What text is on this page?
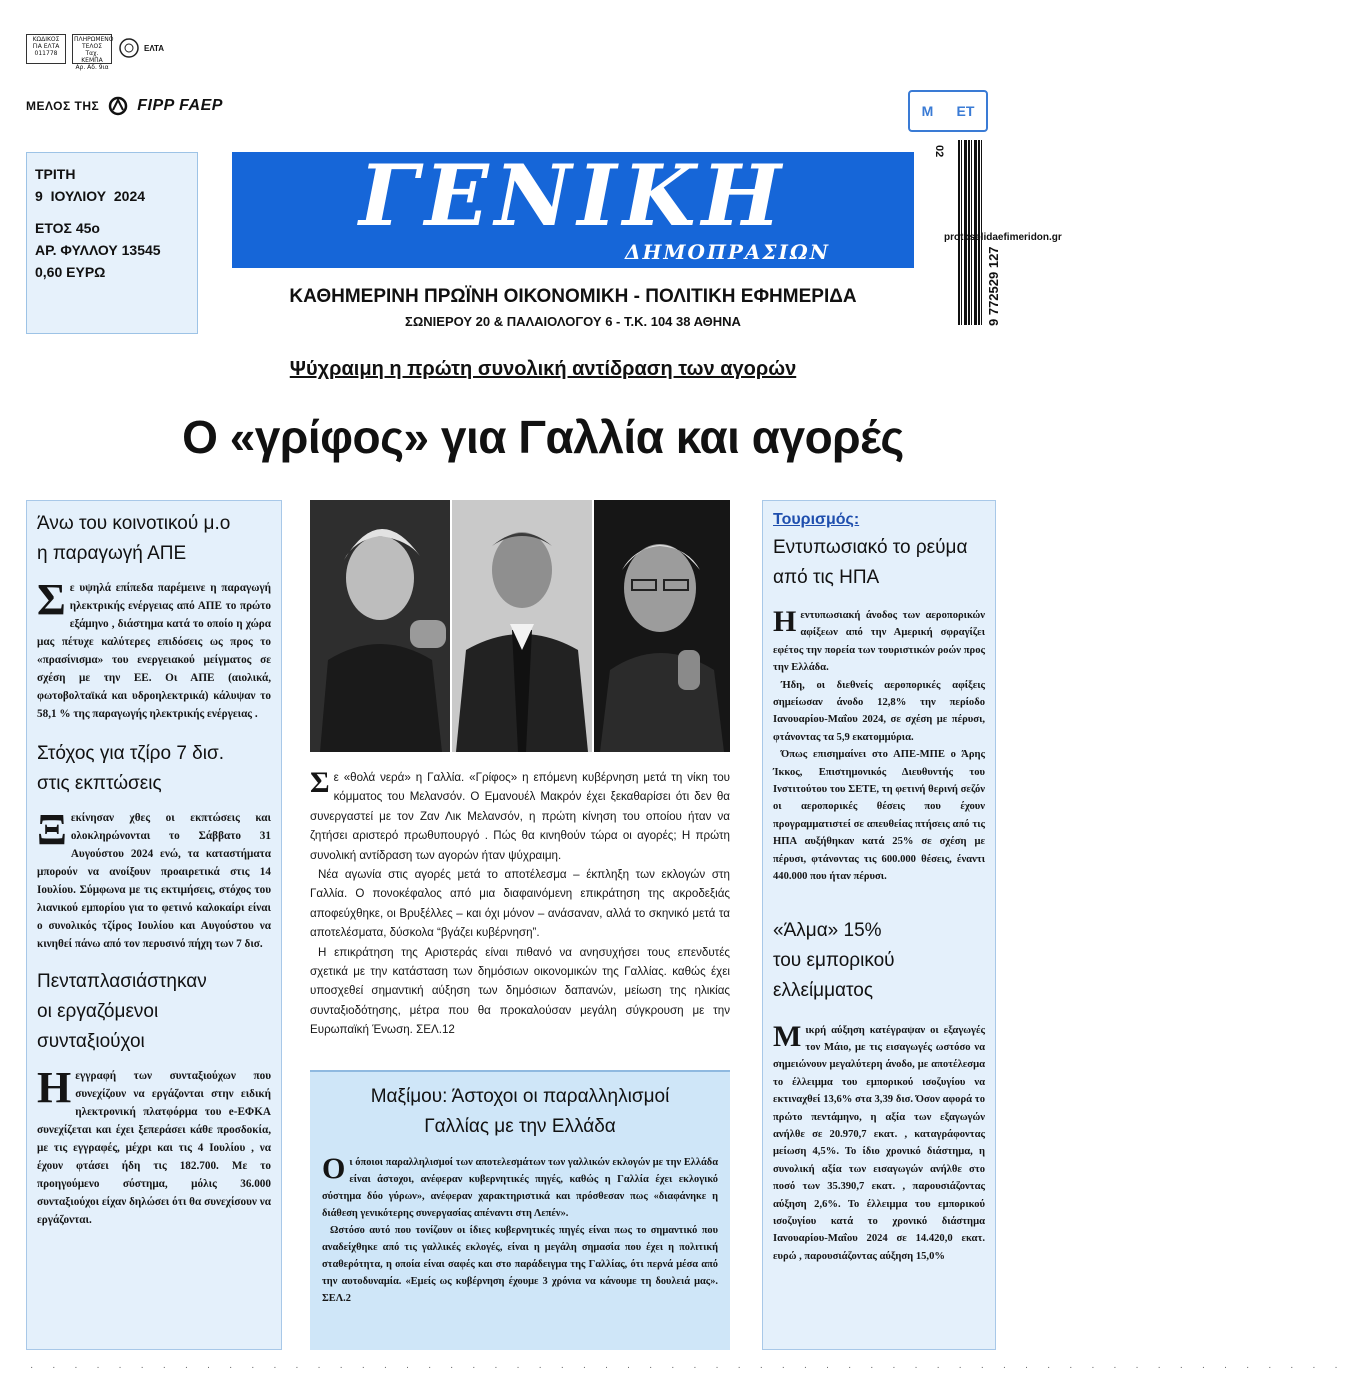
ΚΩΔΙΚΟΣ
ΓΙΑ ΕΛΤΑ
011778
ΠΛΗΡΩΜΕΝΟ
ΤΕΛΟΣ
Ταχ. ΚΕΜΠΑ
Αρ. Αδ. 9ια
ΕΛΤΑ
ΜΕΛΟΣ ΤΗΣ FIPP FAEP
ΤΡΙΤΗ
9  ΙΟΥΛΙΟΥ  2024
ΕΤΟΣ 45ο
ΑΡ. ΦΥΛΛΟΥ 13545
0,60 ΕΥΡΩ
ΓΕΝΙΚΗ
ΔΗΜΟΠΡΑΣΙΩΝ
ΚΑΘΗΜΕΡΙΝΗ ΠΡΩΪΝΗ ΟΙΚΟΝΟΜΙΚΗ - ΠΟΛΙΤΙΚΗ ΕΦΗΜΕΡΙΔΑ
ΣΩΝΙΕΡΟΥ 20 & ΠΑΛΑΙΟΛΟΓΟΥ 6 - Τ.Κ. 104 38 ΑΘΗΝΑ
Μ ΕΤ
02
9 772529 127
protoselidaefimeridon.gr
Ψύχραιμη η πρώτη συνολική αντίδραση των αγορών
Ο «γρίφος» για Γαλλία και αγορές
Άνω του κοινοτικού μ.ο
η παραγωγή ΑΠΕ
Σε υψηλά επίπεδα παρέμεινε η παραγωγή ηλεκτρικής ενέργειας από ΑΠΕ το πρώτο εξάμηνο , διάστημα κατά το οποίο η χώρα μας πέτυχε καλύτερες επιδόσεις ως προς το «πρασίνισμα» του ενεργειακού μείγματος σε σχέση με την ΕΕ. Οι ΑΠΕ (αιολικά, φωτοβολταϊκά και υδροηλεκτρικά) κάλυψαν το 58,1 % της παραγωγής ηλεκτρικής ενέργειας .
Στόχος για τζίρο 7 δισ.
στις εκπτώσεις
Ξεκίνησαν χθες οι εκπτώσεις και ολοκληρώνονται το Σάββατο 31 Αυγούστου 2024 ενώ, τα καταστήματα μπορούν να ανοίξουν προαιρετικά στις 14 Ιουλίου. Σύμφωνα με τις εκτιμήσεις, στόχος του λιανικού εμπορίου για το φετινό καλοκαίρι είναι ο συνολικός τζίρος Ιουλίου και Αυγούστου να κινηθεί πάνω από τον περυσινό πήχη των 7 δισ.
Πενταπλασιάστηκαν
οι εργαζόμενοι
συνταξιούχοι
Ηεγγραφή των συνταξιούχων που συνεχίζουν να εργάζονται στην ειδική ηλεκτρονική πλατφόρμα του e-ΕΦΚΑ συνεχίζεται και έχει ξεπεράσει κάθε προσδοκία, με τις εγγραφές, μέχρι και τις 4 Ιουλίου , να έχουν φτάσει ήδη τις 182.700. Με το προηγούμενο σύστημα, μόλις 36.000 συνταξιούχοι είχαν δηλώσει ότι θα συνεχίσουν να εργάζονται.

Σε «θολά νερά» η Γαλλία. «Γρίφος» η επόμενη κυβέρνηση μετά τη νίκη του κόμματος του Μελανσόν. Ο Εμανουέλ Μακρόν έχει ξεκαθαρίσει ότι δεν θα συνεργαστεί με τον Ζαν Λικ Μελανσόν, η πρώτη κίνηση του οποίου ήταν να ζητήσει αριστερό πρωθυπουργό . Πώς θα κινηθούν τώρα οι αγορές; Η πρώτη συνολική αντίδραση των αγορών ήταν ψύχραιμη.

Νέα αγωνία στις αγορές μετά το αποτέλεσμα – έκπληξη των εκλογών στη Γαλλία. Ο πονοκέφαλος από μια διαφαινόμενη επικράτηση της ακροδεξιάς αποφεύχθηκε, οι Βρυξέλλες – και όχι μόνον – ανάσαναν, αλλά το σκηνικό μετά τα αποτελέσματα, δύσκολα “βγάζει κυβέρνηση”.

Η επικράτηση της Αριστεράς είναι πιθανό να ανησυχήσει τους επενδυτές σχετικά με την κατάσταση των δημόσιων οικονομικών της Γαλλίας. καθώς έχει υποσχεθεί σημαντική αύξηση των δημόσιων δαπανών, μείωση της ηλικίας συνταξιοδότησης, μέτρα που θα προκαλούσαν μεγάλη σύγκρουση με την Ευρωπαϊκή Ένωση. ΣΕΛ.12

Μαξίμου: Άστοχοι οι παραλληλισμοί
Γαλλίας με την Ελλάδα

Οι όποιοι παραλληλισμοί των αποτελεσμάτων των γαλλικών εκλογών με την Ελλάδα είναι άστοχοι, ανέφεραν κυβερνητικές πηγές, καθώς η Γαλλία έχει εκλογικό σύστημα δύο γύρων», ανέφεραν χαρακτηριστικά και πρόσθεσαν πως «διαφάνηκε η διάθεση γενικότερης συνεργασίας απέναντι στη Λεπέν».

Ωστόσο αυτό που τονίζουν οι ίδιες κυβερνητικές πηγές είναι πως το σημαντικό που αναδείχθηκε από τις γαλλικές εκλογές, είναι η μεγάλη σημασία που έχει η πολιτική σταθερότητα, η οποία είναι σαφές και στο παράδειγμα της Γαλλίας, ότι περνά μέσα από την αυτοδυναμία. «Εμείς ως κυβέρνηση έχουμε 3 χρόνια να κάνουμε τη δουλειά μας». ΣΕΛ.2

Τουρισμός:
Εντυπωσιακό το ρεύμα
από τις ΗΠΑ

Ηεντυπωσιακή άνοδος των αεροπορικών αφίξεων από την Αμερική σφραγίζει εφέτος την πορεία των τουριστικών ροών προς την Ελλάδα.

Ήδη, οι διεθνείς αεροπορικές αφίξεις σημείωσαν άνοδο 12,8% την περίοδο Ιανουαρίου-Μαΐου 2024, σε σχέση με πέρυσι, φτάνοντας τα 5,9 εκατομμύρια.

Όπως επισημαίνει στο ΑΠΕ-ΜΠΕ ο Άρης Ίκκος, Επιστημονικός Διευθυντής του Ινστιτούτου του ΣΕΤΕ, τη φετινή θερινή σεζόν οι αεροπορικές θέσεις που έχουν προγραμματιστεί σε απευθείας πτήσεις από τις ΗΠΑ αυξήθηκαν κατά 25% σε σχέση με πέρυσι, φτάνοντας τις 600.000 θέσεις, έναντι 440.000 που ήταν πέρυσι.

«Άλμα» 15%
του εμπορικού
ελλείμματος
Μικρή αύξηση κατέγραψαν οι εξαγωγές τον Μάιο, με τις εισαγωγές ωστόσο να σημειώνουν μεγαλύτερη άνοδο, με αποτέλεσμα το έλλειμμα του εμπορικού ισοζυγίου να εκτιναχθεί 13,6% στα 3,39 δισ. Όσον αφορά το πρώτο πεντάμηνο, η αξία των εξαγωγών ανήλθε σε 20.970,7 εκατ. , καταγράφοντας μείωση 4,5%. Το ίδιο χρονικό διάστημα, η συνολική αξία των εισαγωγών ανήλθε στο ποσό των 35.390,7 εκατ. , παρουσιάζοντας αύξηση 2,6%. Το έλλειμμα του εμπορικού ισοζυγίου κατά το χρονικό διάστημα Ιανουαρίου-Μαΐου 2024 σε 14.420,0 εκατ. ευρώ , παρουσιάζοντας αύξηση 15,0%
· · · · · · · · · · · · · · · · · · · · · · · · · · · · · · · · · · · · · · · · · · · · · · · · · · · · · · · · · · · ·
